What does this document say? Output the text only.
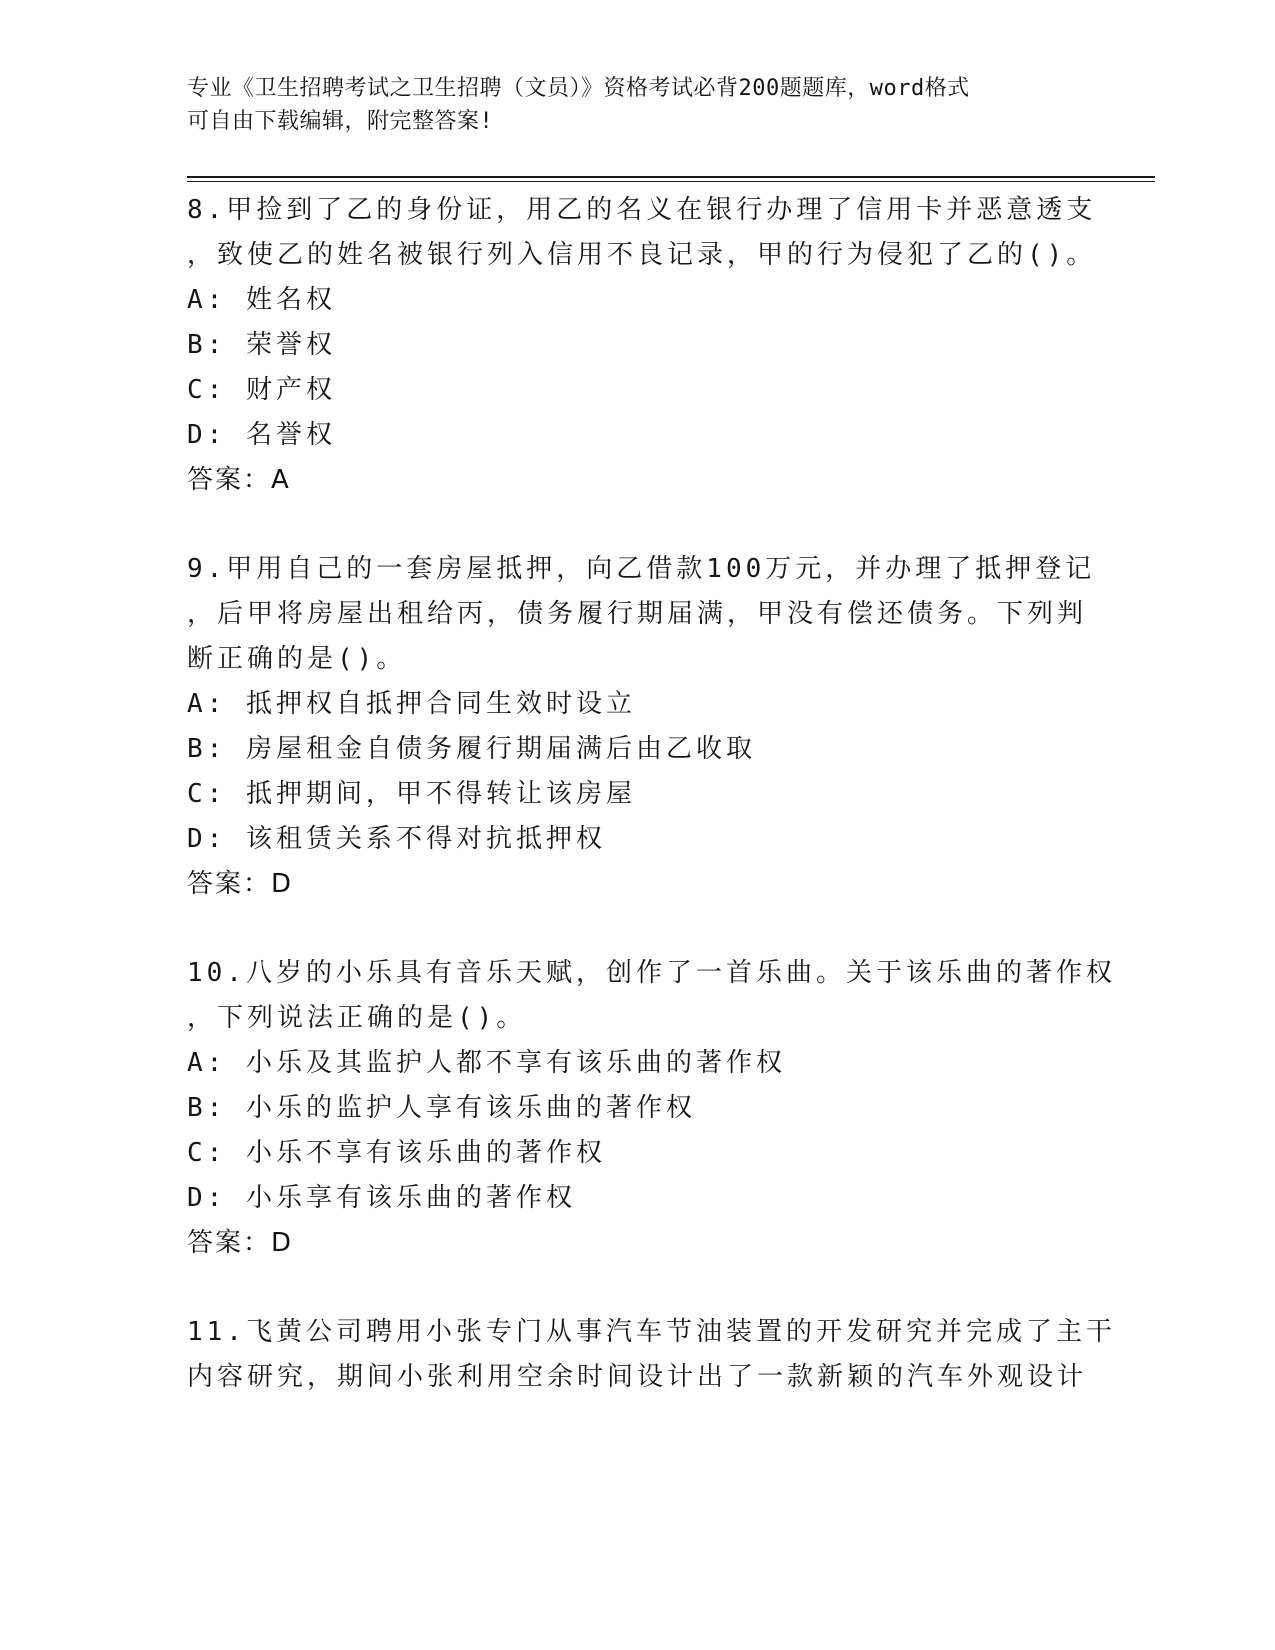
专业《卫生招聘考试之卫生招聘（文员）》资格考试必背200题题库，word格式
可自由下载编辑，附完整答案!
8.甲捡到了乙的身份证，用乙的名义在银行办理了信用卡并恶意透支
，致使乙的姓名被银行列入信用不良记录，甲的行为侵犯了乙的()。
A: 姓名权
B: 荣誉权
C: 财产权
D: 名誉权
答案：A
9.甲用自己的一套房屋抵押，向乙借款100万元，并办理了抵押登记
，后甲将房屋出租给丙，债务履行期届满，甲没有偿还债务。下列判
断正确的是()。
A: 抵押权自抵押合同生效时设立
B: 房屋租金自债务履行期届满后由乙收取
C: 抵押期间，甲不得转让该房屋
D: 该租赁关系不得对抗抵押权
答案：D
10.八岁的小乐具有音乐天赋，创作了一首乐曲。关于该乐曲的著作权
，下列说法正确的是()。
A: 小乐及其监护人都不享有该乐曲的著作权
B: 小乐的监护人享有该乐曲的著作权
C: 小乐不享有该乐曲的著作权
D: 小乐享有该乐曲的著作权
答案：D
11.飞黄公司聘用小张专门从事汽车节油装置的开发研究并完成了主干
内容研究，期间小张利用空余时间设计出了一款新颖的汽车外观设计
